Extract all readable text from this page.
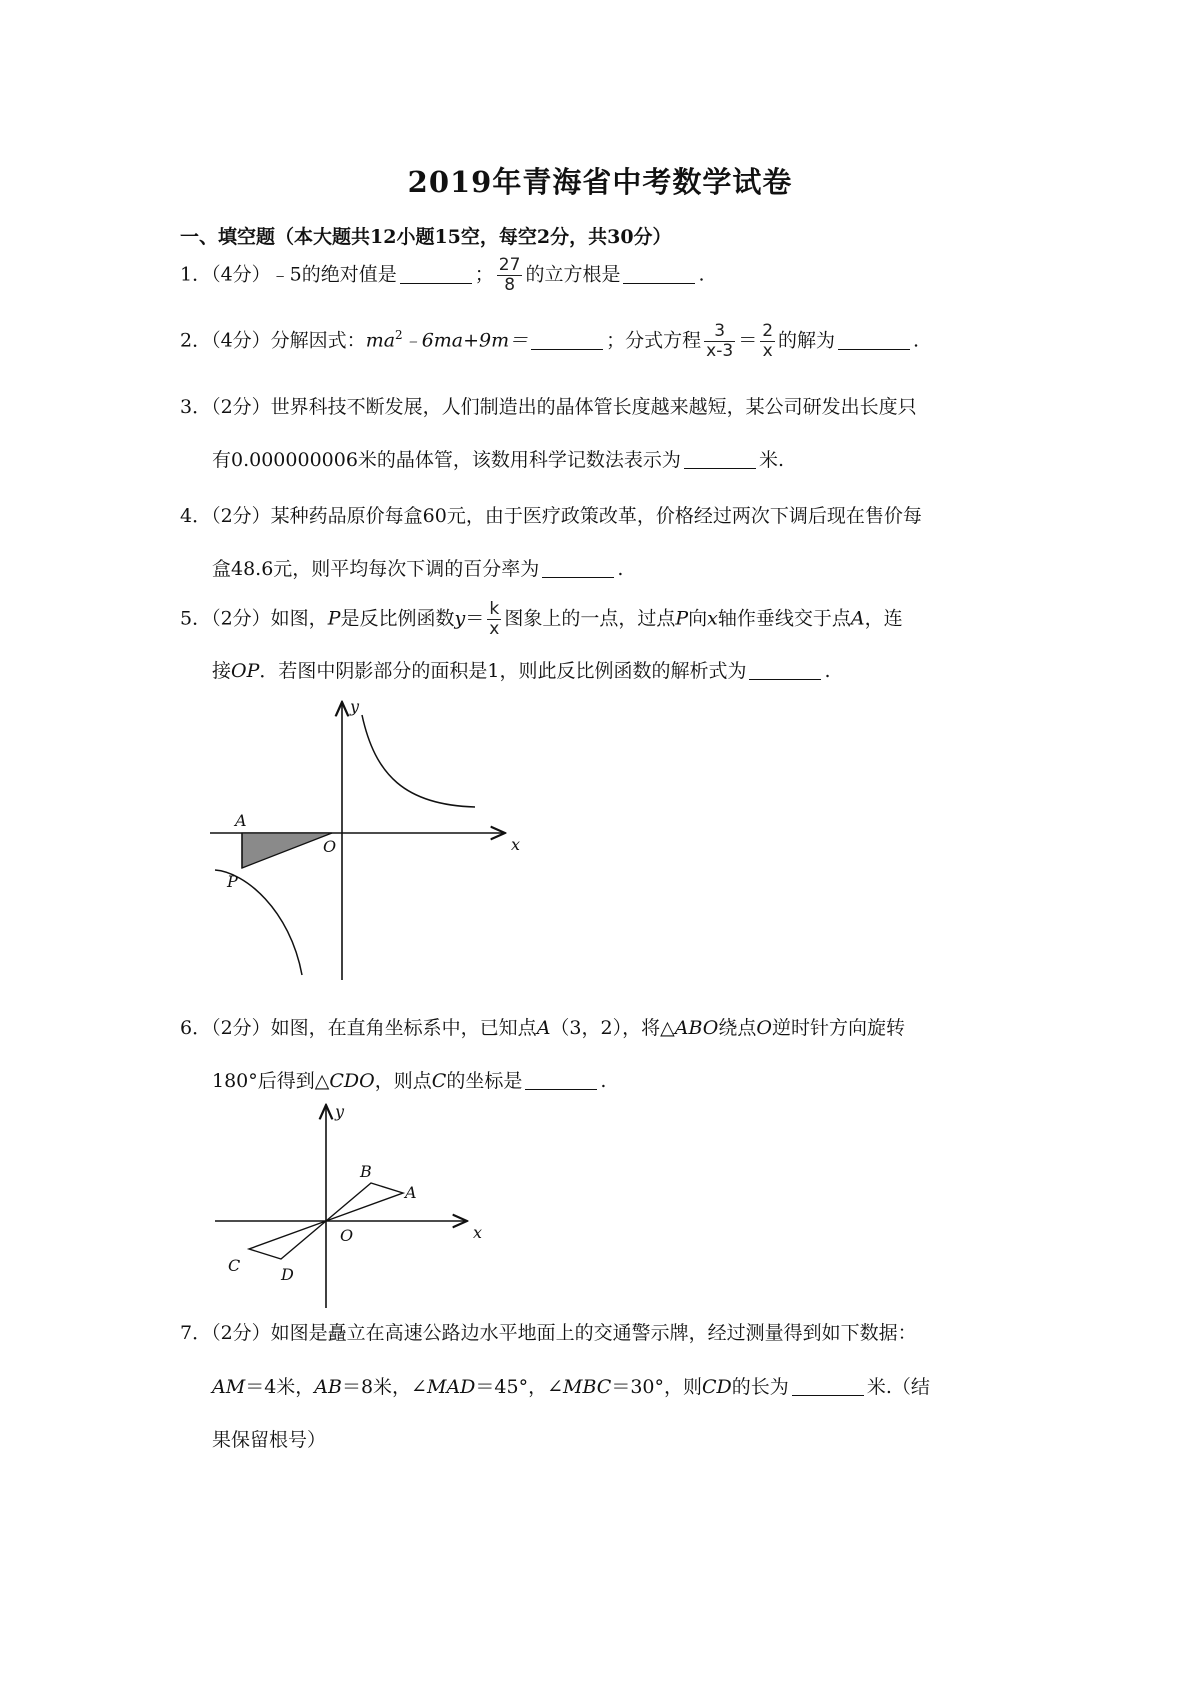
2019年青海省中考数学试卷
一、填空题（本大题共12小题15空，每空2分，共30分）
1．（4分）﹣5的绝对值是	； $\frac{27}{8}$ 的立方根是	.
2．（4分）分解因式：$ma^2﹣6ma+9m=$	；分式方程 $\frac{3}{x-3} = \frac{2}{x}$ 的解为	.
3．（2分）世界科技不断发展，人们制造出的晶体管长度越来越短，某公司研发出长度只
有0.000000006米的晶体管，该数用科学记数法表示为	米.
4．（2分）某种药品原价每盒60元，由于医疗政策改革，价格经过两次下调后现在售价每
盒48.6元，则平均每次下调的百分率为	.
5．（2分）如图，P是反比例函数$y= \frac{k}{x}$ 图象上的一点，过点P向x轴作垂线交于点A，连
接OP．若图中阴影部分的面积是1，则此反比例函数的解析式为	.
y
x
A
O
P
6．（2分）如图，在直角坐标系中，已知点A（3，2），将△ABO绕点O逆时针方向旋转
180°后得到△CDO，则点C的坐标是	.
y
x
B
A
O
C	D
7．（2分）如图是矗立在高速公路边水平地面上的交通警示牌，经过测量得到如下数据：
AM＝4米，AB＝8米，∠MAD＝45°，∠MBC＝30°，则CD的长为	米.（结
果保留根号）
